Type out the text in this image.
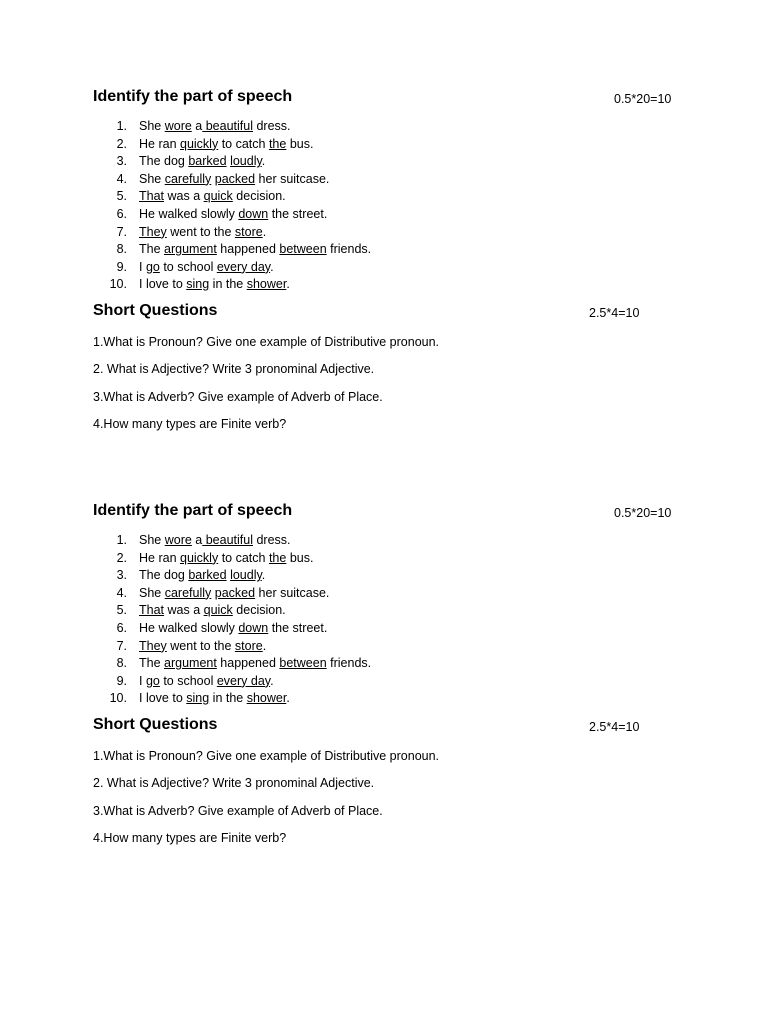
Identify the part of speech	0.5*20=10
1. She wore a beautiful dress.
2. He ran quickly to catch the bus.
3. The dog barked loudly.
4. She carefully packed her suitcase.
5. That was a quick decision.
6. He walked slowly down the street.
7. They went to the store.
8. The argument happened between friends.
9. I go to school every day.
10. I love to sing in the shower.
Short Questions	2.5*4=10

1.What is Pronoun? Give one example of Distributive pronoun.

2. What is Adjective? Write 3 pronominal Adjective.

3.What is Adverb? Give example of Adverb of Place.

4.How many types are Finite verb?

Identify the part of speech	0.5*20=10
1. She wore a beautiful dress.
2. He ran quickly to catch the bus.
3. The dog barked loudly.
4. She carefully packed her suitcase.
5. That was a quick decision.
6. He walked slowly down the street.
7. They went to the store.
8. The argument happened between friends.
9. I go to school every day.
10. I love to sing in the shower.
Short Questions	2.5*4=10

1.What is Pronoun? Give one example of Distributive pronoun.

2. What is Adjective? Write 3 pronominal Adjective.

3.What is Adverb? Give example of Adverb of Place.

4.How many types are Finite verb?
